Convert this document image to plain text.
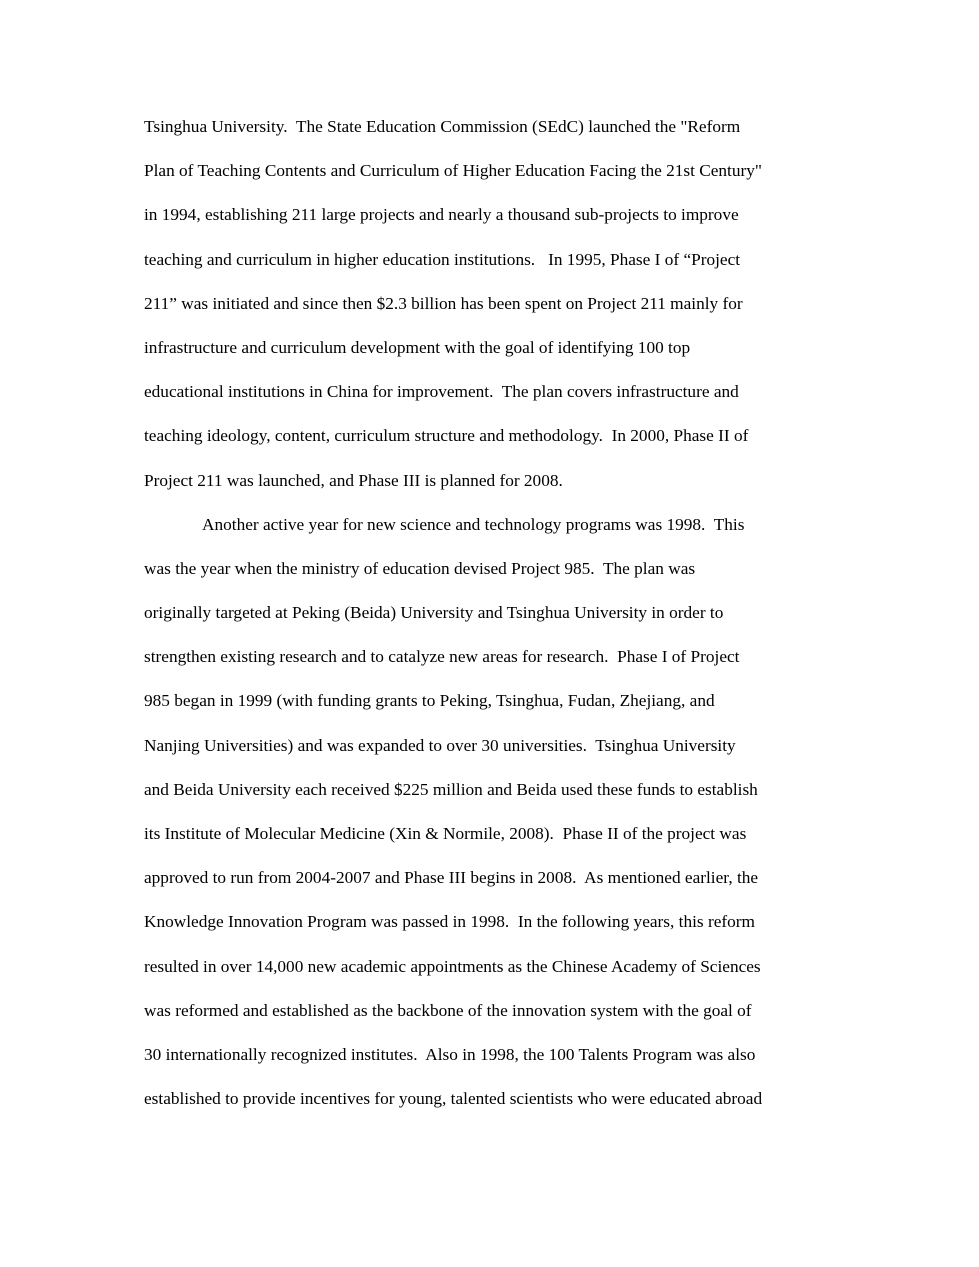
Tsinghua University.  The State Education Commission (SEdC) launched the "Reform
Plan of Teaching Contents and Curriculum of Higher Education Facing the 21st Century"
in 1994, establishing 211 large projects and nearly a thousand sub-projects to improve
teaching and curriculum in higher education institutions.   In 1995, Phase I of “Project
211” was initiated and since then $2.3 billion has been spent on Project 211 mainly for
infrastructure and curriculum development with the goal of identifying 100 top
educational institutions in China for improvement.  The plan covers infrastructure and
teaching ideology, content, curriculum structure and methodology.  In 2000, Phase II of
Project 211 was launched, and Phase III is planned for 2008.
Another active year for new science and technology programs was 1998.  This
was the year when the ministry of education devised Project 985.  The plan was
originally targeted at Peking (Beida) University and Tsinghua University in order to
strengthen existing research and to catalyze new areas for research.  Phase I of Project
985 began in 1999 (with funding grants to Peking, Tsinghua, Fudan, Zhejiang, and
Nanjing Universities) and was expanded to over 30 universities.  Tsinghua University
and Beida University each received $225 million and Beida used these funds to establish
its Institute of Molecular Medicine (Xin & Normile, 2008).  Phase II of the project was
approved to run from 2004-2007 and Phase III begins in 2008.  As mentioned earlier, the
Knowledge Innovation Program was passed in 1998.  In the following years, this reform
resulted in over 14,000 new academic appointments as the Chinese Academy of Sciences
was reformed and established as the backbone of the innovation system with the goal of
30 internationally recognized institutes.  Also in 1998, the 100 Talents Program was also
established to provide incentives for young, talented scientists who were educated abroad
